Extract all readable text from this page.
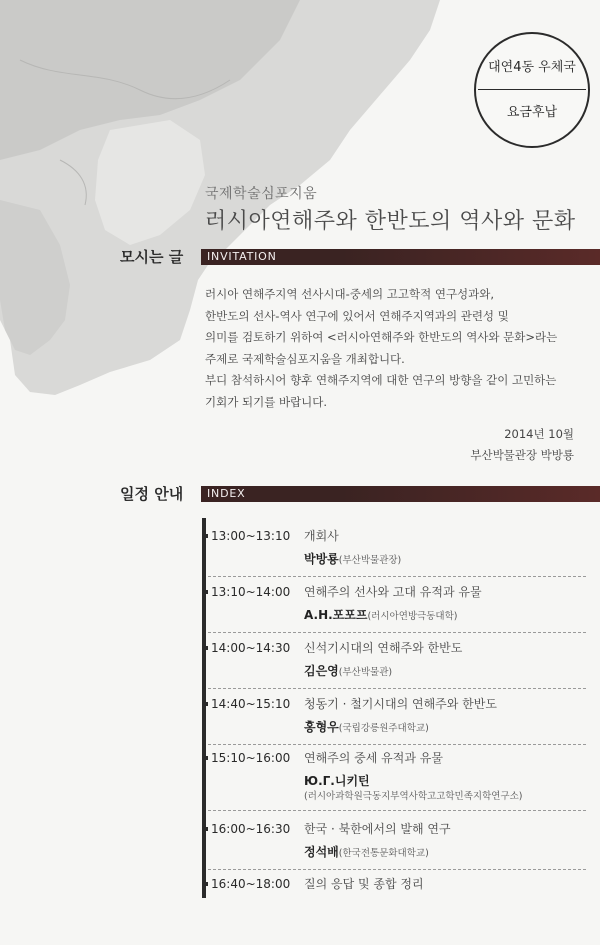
대연4동 우체국
요금후납
국제학술심포지움
러시아연해주와 한반도의 역사와 문화
모시는 글 INVITATION

러시아 연해주지역 선사시대-중세의 고고학적 연구성과와,

한반도의 선사-역사 연구에 있어서 연해주지역과의 관련성 및

의미를 검토하기 위하여 <러시아연해주와 한반도의 역사와 문화>라는

주제로 국제학술심포지움을 개최합니다.

부디 참석하시어 향후 연해주지역에 대한 연구의 방향을 같이 고민하는

기회가 되기를 바랍니다.

2014년 10월
부산박물관장 박방룡
일정 안내 INDEX
13:00~13:10 개회사
박방룡(부산박물관장)
13:10~14:00 연해주의 선사와 고대 유적과 유물
A.H.포포프(러시아연방극동대학)
14:00~14:30 신석기시대의 연해주와 한반도
김은영(부산박물관)
14:40~15:10 청동기 · 철기시대의 연해주와 한반도
홍형우(국립강릉원주대학교)
15:10~16:00 연해주의 중세 유적과 유물
Ю.Г.니키틴
(러시아과학원극동지부역사학고고학민족지학연구소)
16:00~16:30 한국 · 북한에서의 발해 연구
정석배(한국전통문화대학교)
16:40~18:00 질의 응답 및 종합 정리
